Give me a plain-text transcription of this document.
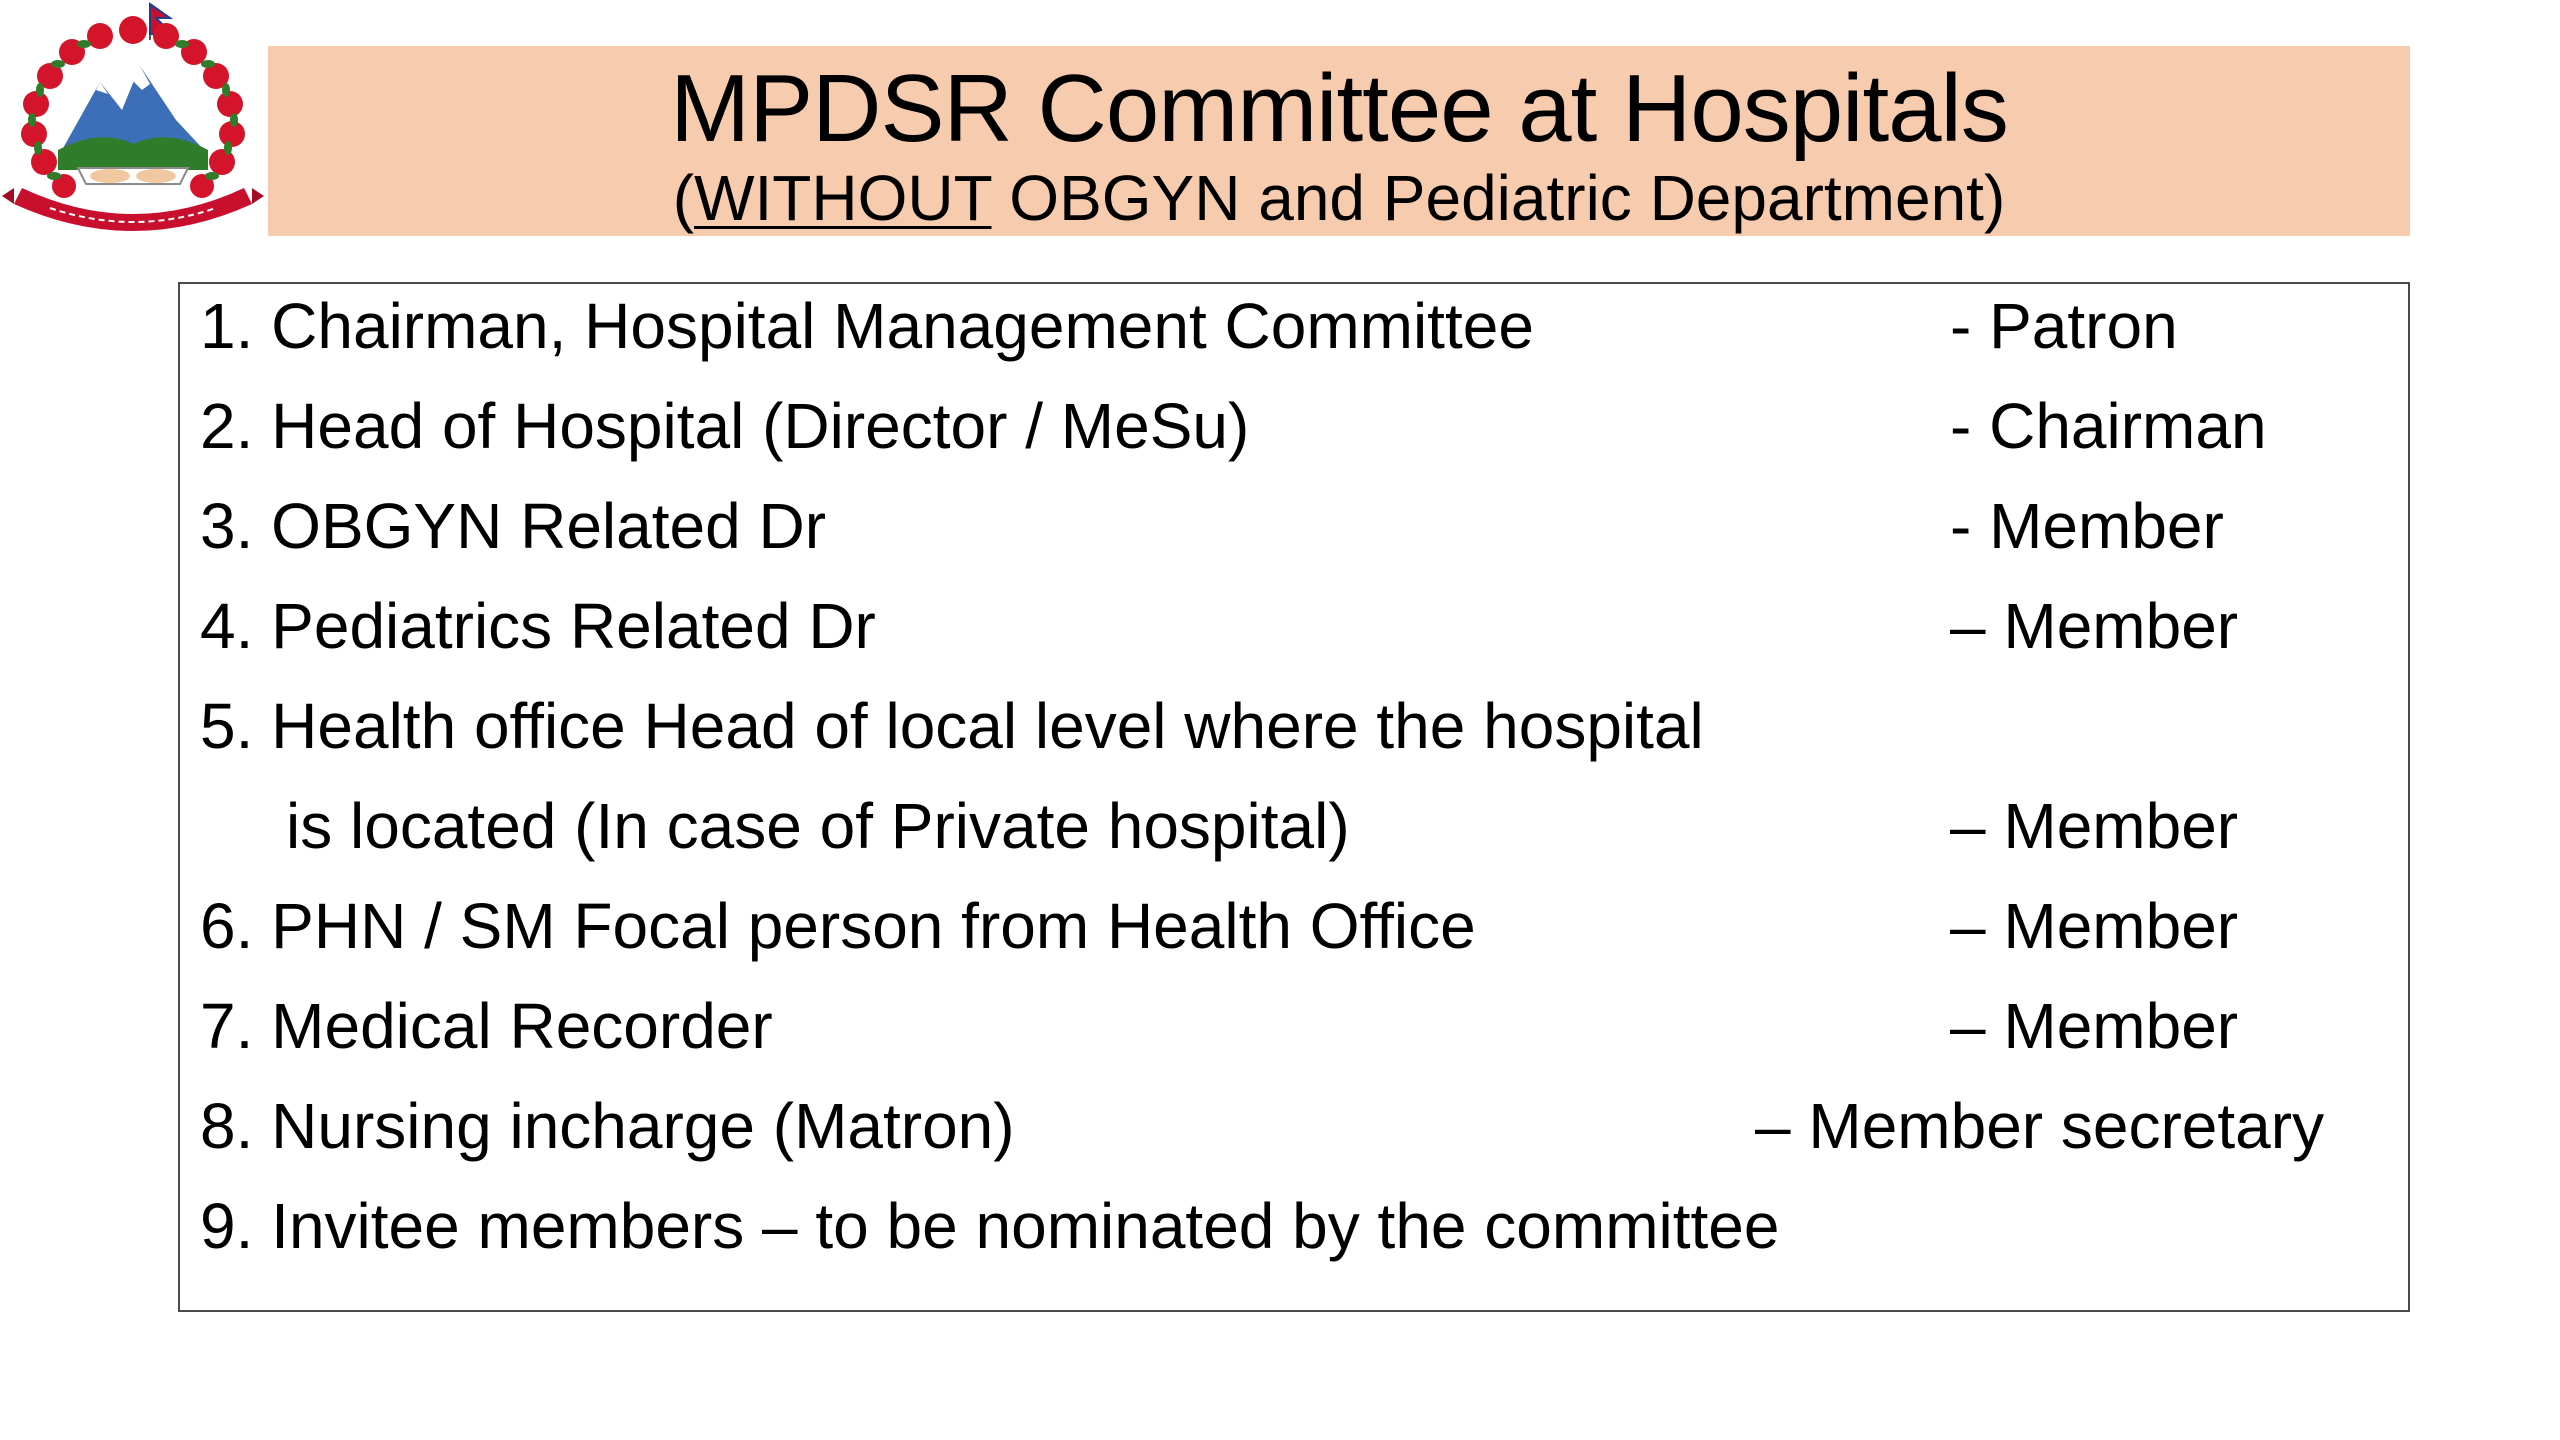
MPDSR Committee at Hospitals
(WITHOUT OBGYN and Pediatric Department)
1. Chairman, Hospital Management Committee	- Patron
2. Head of Hospital (Director / MeSu)	- Chairman
3. OBGYN Related Dr	- Member
4. Pediatrics Related Dr	– Member
5. Health office Head of local level where the hospital
is located (In case of Private hospital)	– Member
6. PHN / SM Focal person from Health Office	– Member
7. Medical Recorder	– Member
8. Nursing incharge (Matron)	– Member secretary
9. Invitee members – to be nominated by the committee
